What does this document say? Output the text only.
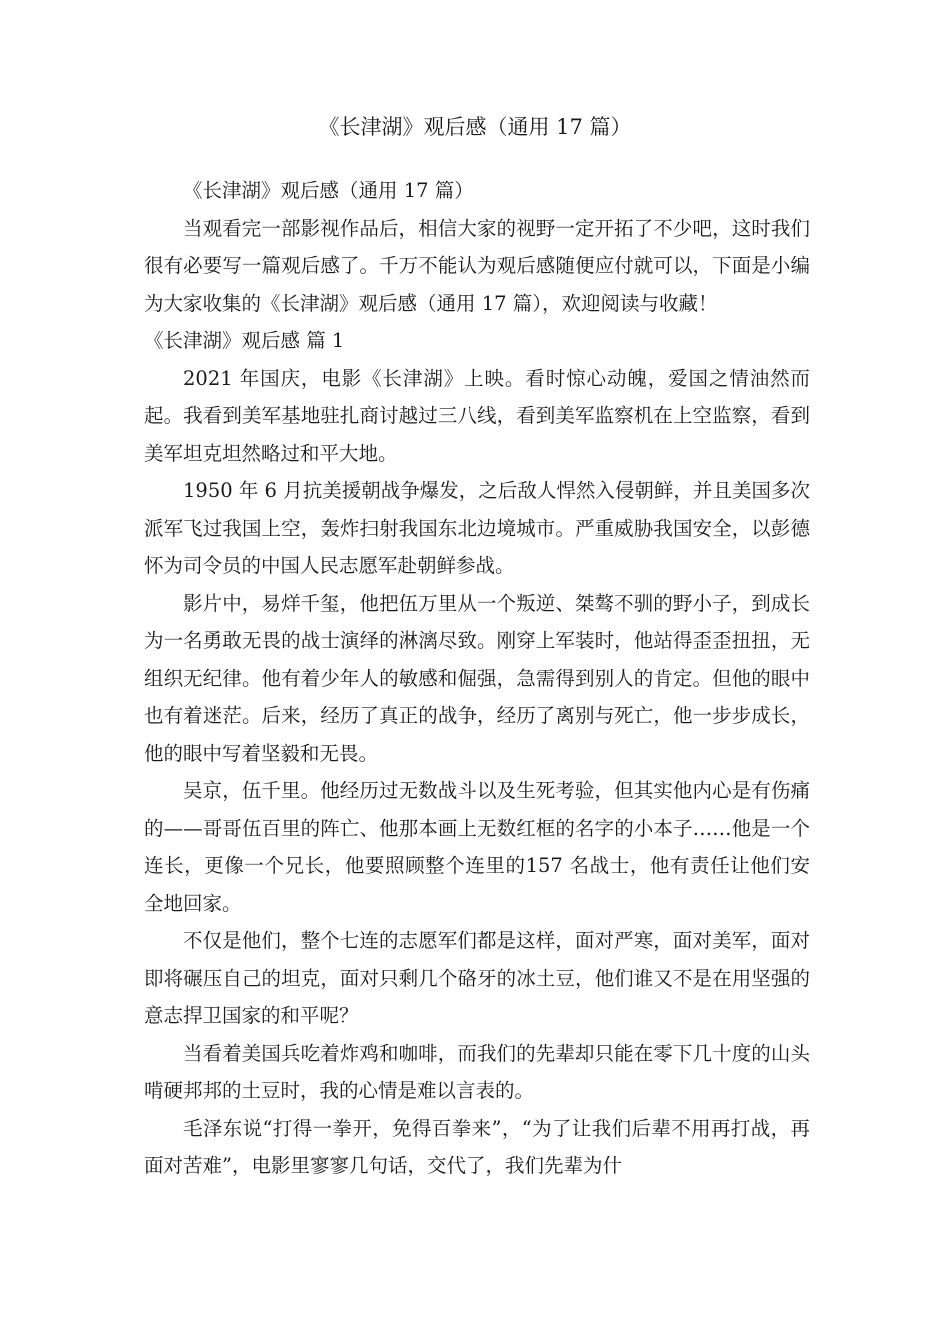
《长津湖》观后感（通用 17 篇）

《长津湖》观后感（通用 17 篇）

当观看完一部影视作品后，相信大家的视野一定开拓了不少吧，这时我们很有必要写一篇观后感了。千万不能认为观后感随便应付就可以，下面是小编为大家收集的《长津湖》观后感（通用 17 篇），欢迎阅读与收藏！

《长津湖》观后感 篇 1

2021 年国庆，电影《长津湖》上映。看时惊心动魄，爱国之情油然而起。我看到美军基地驻扎商讨越过三八线，看到美军监察机在上空监察，看到美军坦克坦然略过和平大地。

1950 年 6 月抗美援朝战争爆发，之后敌人悍然入侵朝鲜，并且美国多次派军飞过我国上空，轰炸扫射我国东北边境城市。严重威胁我国安全，以彭德怀为司令员的中国人民志愿军赴朝鲜参战。

影片中，易烊千玺，他把伍万里从一个叛逆、桀骜不驯的野小子，到成长为一名勇敢无畏的战士演绎的淋漓尽致。刚穿上军装时，他站得歪歪扭扭，无组织无纪律。他有着少年人的敏感和倔强，急需得到别人的肯定。但他的眼中也有着迷茫。后来，经历了真正的战争，经历了离别与死亡，他一步步成长，他的眼中写着坚毅和无畏。

吴京，伍千里。他经历过无数战斗以及生死考验，但其实他内心是有伤痛的——哥哥伍百里的阵亡、他那本画上无数红框的名字的小本子……他是一个连长，更像一个兄长，他要照顾整个连里的157 名战士，他有责任让他们安全地回家。

不仅是他们，整个七连的志愿军们都是这样，面对严寒，面对美军，面对即将碾压自己的坦克，面对只剩几个硌牙的冰土豆，他们谁又不是在用坚强的意志捍卫国家的和平呢？

当看着美国兵吃着炸鸡和咖啡，而我们的先辈却只能在零下几十度的山头啃硬邦邦的土豆时，我的心情是难以言表的。

毛泽东说“打得一拳开，免得百拳来”，“为了让我们后辈不用再打战，再面对苦难”，电影里寥寥几句话，交代了，我们先辈为什
